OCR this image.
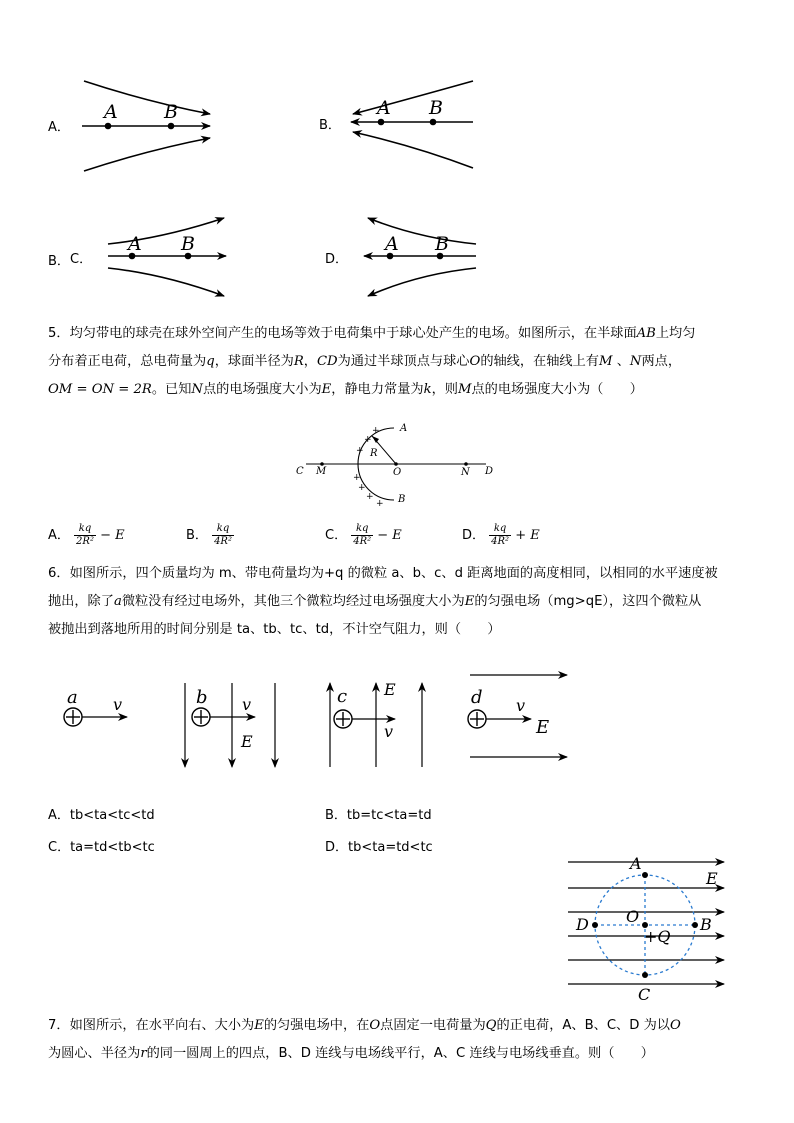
A．
A B
B．
A B
B． C．
A B
D．
A B

5．均匀带电的球壳在球外空间产生的电场等效于电荷集中于球心处产生的电场。如图所示，在半球面AB上均匀

分布着正电荷，总电荷量为q，球面半径为R，CD为通过半球顶点与球心O的轴线，在轴线上有M 、N两点，

OM = ON = 2R。已知N点的电场强度大小为E，静电力常量为k，则M点的电场强度大小为（　　）

C M	O	N D
A
B
R
+
+
+
+
+
+
+
A． $\frac{kq}{\text{2R²}} - E$	B． $\frac{kq}{\text{4R²}}$	C． $\frac{kq}{\text{4R²}} - E$	D． $\frac{kq}{\text{4R²}} + E$

6．如图所示，四个质量均为 m、带电荷量均为+q 的微粒 a、b、c、d 距离地面的高度相同，以相同的水平速度被

抛出，除了a微粒没有经过电场外，其他三个微粒均经过电场强度大小为E的匀强电场（mg>qE），这四个微粒从

被抛出到落地所用的时间分别是 ta、tb、tc、td，不计空气阻力，则（　　）

a v	b v
E
c E
v
d v
E
A．tb<ta<tc<td	B．tb=tc<ta=td
C．ta=td<tb<tc	D．tb<ta=td<tc
A
B
C
D O
+Q
E

7．如图所示，在水平向右、大小为E的匀强电场中，在O点固定一电荷量为Q的正电荷，A、B、C、D 为以O

为圆心、半径为r的同一圆周上的四点，B、D 连线与电场线平行，A、C 连线与电场线垂直。则（　　）
